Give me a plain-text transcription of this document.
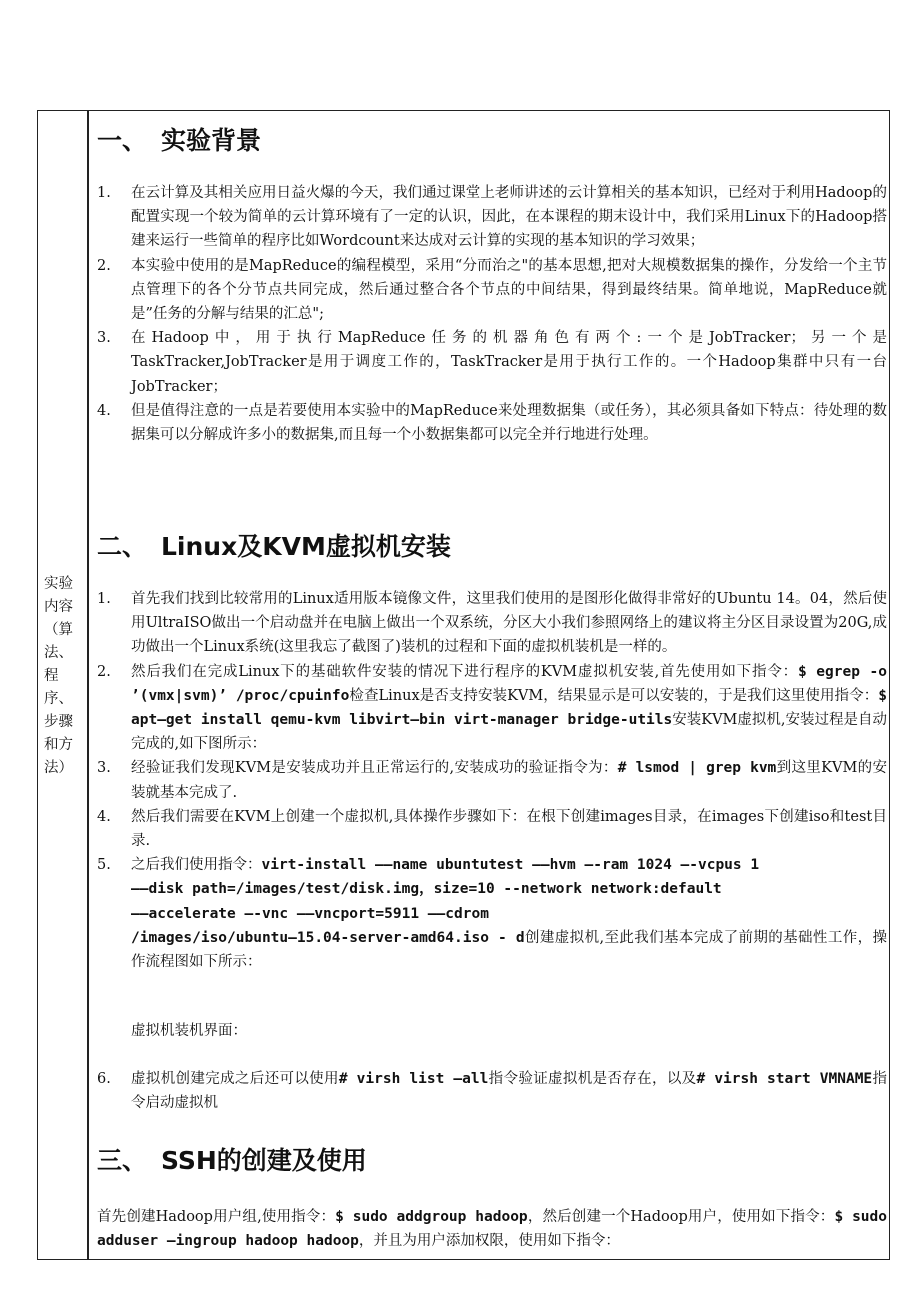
实验内容（算法、程序、步骤和方法）
一、 实验背景
1. 在云计算及其相关应用日益火爆的今天，我们通过课堂上老师讲述的云计算相关的基本知识，已经对于利用Hadoop的配置实现一个较为简单的云计算环境有了一定的认识，因此，在本课程的期末设计中，我们采用Linux下的Hadoop搭建来运行一些简单的程序比如Wordcount来达成对云计算的实现的基本知识的学习效果；
2. 本实验中使用的是MapReduce的编程模型，采用“分而治之"的基本思想,把对大规模数据集的操作，分发给一个主节点管理下的各个分节点共同完成，然后通过整合各个节点的中间结果，得到最终结果。简单地说，MapReduce就是”任务的分解与结果的汇总";
3. 在Hadoop中，用于执行MapReduce任务的机器角色有两个:一个是JobTracker；另一个是TaskTracker,JobTracker是用于调度工作的，TaskTracker是用于执行工作的。一个Hadoop集群中只有一台JobTracker；
4. 但是值得注意的一点是若要使用本实验中的MapReduce来处理数据集（或任务），其必须具备如下特点：待处理的数据集可以分解成许多小的数据集,而且每一个小数据集都可以完全并行地进行处理。
二、 Linux及KVM虚拟机安装
1. 首先我们找到比较常用的Linux适用版本镜像文件，这里我们使用的是图形化做得非常好的Ubuntu 14。04，然后使用UltraISO做出一个启动盘并在电脑上做出一个双系统，分区大小我们参照网络上的建议将主分区目录设置为20G,成功做出一个Linux系统(这里我忘了截图了)装机的过程和下面的虚拟机装机是一样的。
2. 然后我们在完成Linux下的基础软件安装的情况下进行程序的KVM虚拟机安装,首先使用如下指令：$ egrep -o ’(vmx|svm)’ /proc/cpuinfo检查Linux是否支持安装KVM，结果显示是可以安装的，于是我们这里使用指令：$ apt—get install qemu-kvm libvirt—bin virt-manager bridge-utils安装KVM虚拟机,安装过程是自动完成的,如下图所示：
3. 经验证我们发现KVM是安装成功并且正常运行的,安装成功的验证指令为：# lsmod | grep kvm到这里KVM的安装就基本完成了.
4. 然后我们需要在KVM上创建一个虚拟机,具体操作步骤如下：在根下创建images目录，在images下创建iso和test目录.
5. 之后我们使用指令：virt-install ——name ubuntutest ——hvm —-ram 1024 —-vcpus 1
——disk path=/images/test/disk.img，size=10 --network network:default
——accelerate —-vnc ——vncport=5911 ——cdrom
/images/iso/ubuntu—15.04-server-amd64.iso - d创建虚拟机,至此我们基本完成了前期的基础性工作，操作流程图如下所示：
虚拟机装机界面：
6. 虚拟机创建完成之后还可以使用# virsh list –all指令验证虚拟机是否存在，以及# virsh start VMNAME指令启动虚拟机
三、 SSH的创建及使用
首先创建Hadoop用户组,使用指令：$ sudo addgroup hadoop，然后创建一个Hadoop用户，使用如下指令：$ sudo adduser —ingroup hadoop hadoop，并且为用户添加权限，使用如下指令：
